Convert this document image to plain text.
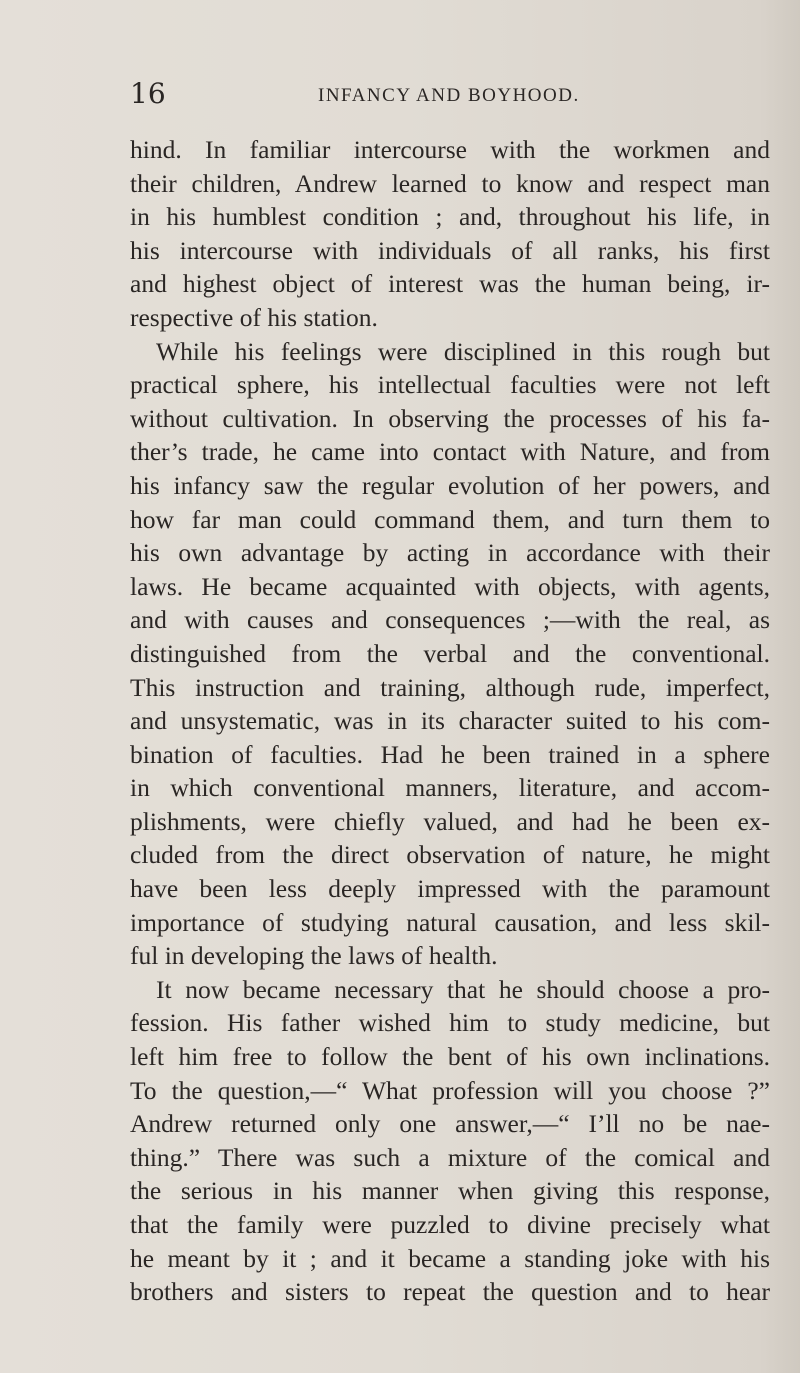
16	INFANCY AND BOYHOOD.
hind. In familiar intercourse with the workmen and
their children, Andrew learned to know and respect man
in his humblest condition ; and, throughout his life, in
his intercourse with individuals of all ranks, his first
and highest object of interest was the human being, ir-
respective of his station.
While his feelings were disciplined in this rough but
practical sphere, his intellectual faculties were not left
without cultivation. In observing the processes of his fa-
ther’s trade, he came into contact with Nature, and from
his infancy saw the regular evolution of her powers, and
how far man could command them, and turn them to
his own advantage by acting in accordance with their
laws. He became acquainted with objects, with agents,
and with causes and consequences ;—with the real, as
distinguished from the verbal and the conventional.
This instruction and training, although rude, imperfect,
and unsystematic, was in its character suited to his com-
bination of faculties. Had he been trained in a sphere
in which conventional manners, literature, and accom-
plishments, were chiefly valued, and had he been ex-
cluded from the direct observation of nature, he might
have been less deeply impressed with the paramount
importance of studying natural causation, and less skil-
ful in developing the laws of health.
It now became necessary that he should choose a pro-
fession. His father wished him to study medicine, but
left him free to follow the bent of his own inclinations.
To the question,—“ What profession will you choose ?”
Andrew returned only one answer,—“ I’ll no be nae-
thing.” There was such a mixture of the comical and
the serious in his manner when giving this response,
that the family were puzzled to divine precisely what
he meant by it ; and it became a standing joke with his
brothers and sisters to repeat the question and to hear
